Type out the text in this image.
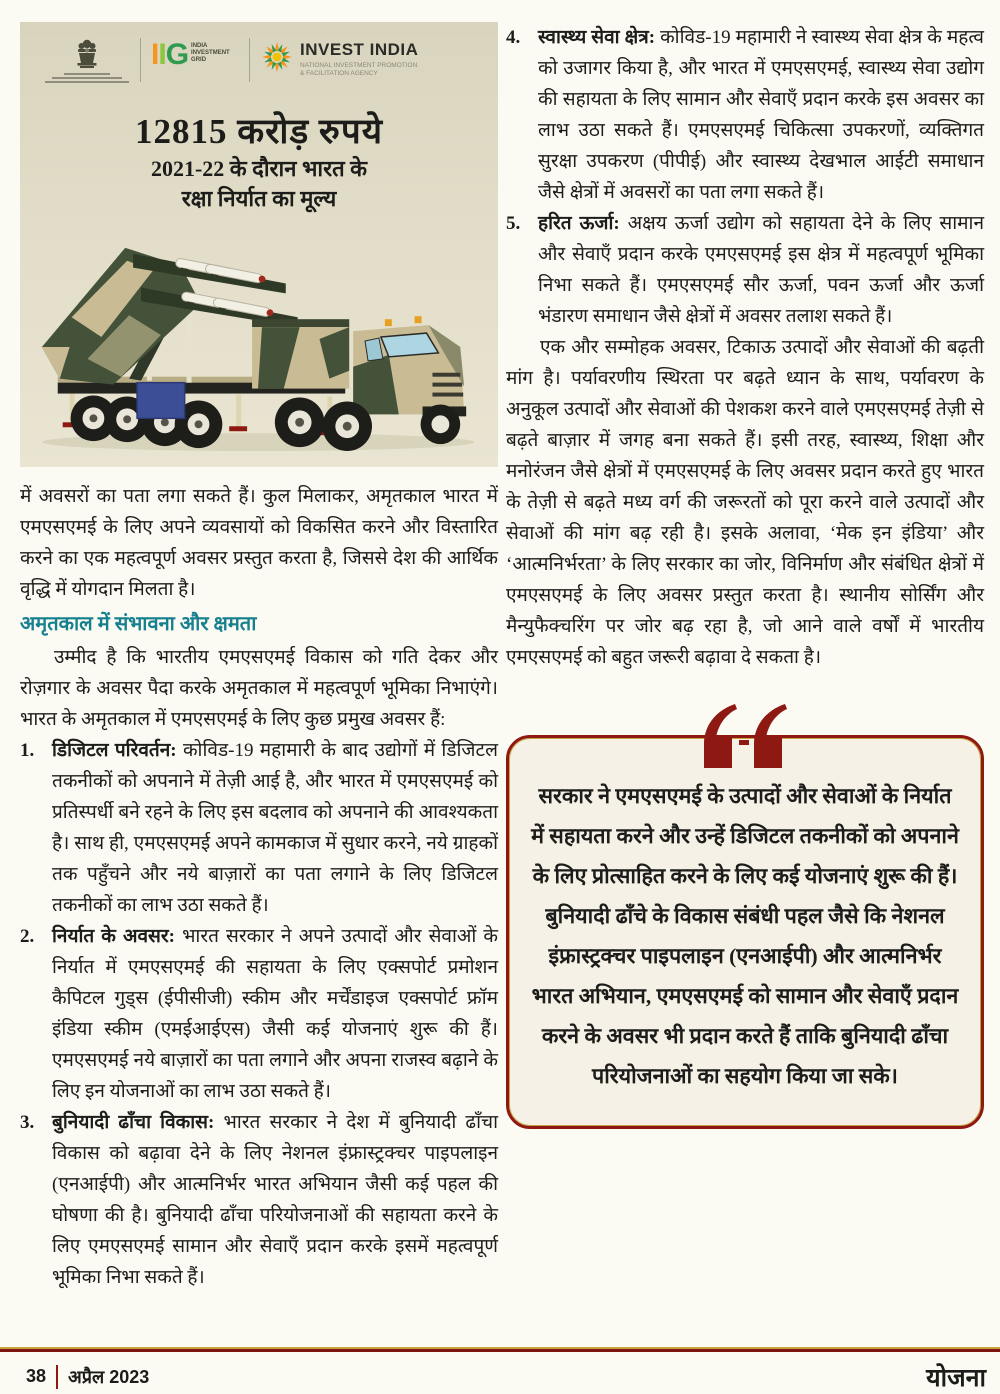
IIG INDIA INVESTMENT GRID
INVEST INDIA
NATIONAL INVESTMENT PROMOTION & FACILITATION AGENCY
12815 करोड़ रुपये
2021-22 के दौरान भारत के
रक्षा निर्यात का मूल्य

में अवसरों का पता लगा सकते हैं। कुल मिलाकर, अमृतकाल भारत में एमएसएमई के लिए अपने व्यवसायों को विकसित करने और विस्तारित करने का एक महत्वपूर्ण अवसर प्रस्तुत करता है, जिससे देश की आर्थिक वृद्धि में योगदान मिलता है।

अमृतकाल में संभावना और क्षमता

उम्मीद है कि भारतीय एमएसएमई विकास को गति देकर और रोज़गार के अवसर पैदा करके अमृतकाल में महत्वपूर्ण भूमिका निभाएंगे। भारत के अमृतकाल में एमएसएमई के लिए कुछ प्रमुख अवसर हैं:

1. डिजिटल परिवर्तन: कोविड-19 महामारी के बाद उद्योगों में डिजिटल तकनीकों को अपनाने में तेज़ी आई है, और भारत में एमएसएमई को प्रतिस्पर्धी बने रहने के लिए इस बदलाव को अपनाने की आवश्यकता है। साथ ही, एमएसएमई अपने कामकाज में सुधार करने, नये ग्राहकों तक पहुँचने और नये बाज़ारों का पता लगाने के लिए डिजिटल तकनीकों का लाभ उठा सकते हैं।
2. निर्यात के अवसर: भारत सरकार ने अपने उत्पादों और सेवाओं के निर्यात में एमएसएमई की सहायता के लिए एक्सपोर्ट प्रमोशन कैपिटल गुड्स (ईपीसीजी) स्कीम और मर्चेंडाइज एक्सपोर्ट फ्रॉम इंडिया स्कीम (एमईआईएस) जैसी कई योजनाएं शुरू की हैं। एमएसएमई नये बाज़ारों का पता लगाने और अपना राजस्व बढ़ाने के लिए इन योजनाओं का लाभ उठा सकते हैं।
3. बुनियादी ढाँचा विकास: भारत सरकार ने देश में बुनियादी ढाँचा विकास को बढ़ावा देने के लिए नेशनल इंफ्रास्ट्रक्चर पाइपलाइन (एनआईपी) और आत्मनिर्भर भारत अभियान जैसी कई पहल की घोषणा की है। बुनियादी ढाँचा परियोजनाओं की सहायता करने के लिए एमएसएमई सामान और सेवाएँ प्रदान करके इसमें महत्वपूर्ण भूमिका निभा सकते हैं।
4. स्वास्थ्य सेवा क्षेत्र: कोविड-19 महामारी ने स्वास्थ्य सेवा क्षेत्र के महत्व को उजागर किया है, और भारत में एमएसएमई, स्वास्थ्य सेवा उद्योग की सहायता के लिए सामान और सेवाएँ प्रदान करके इस अवसर का लाभ उठा सकते हैं। एमएसएमई चिकित्सा उपकरणों, व्यक्तिगत सुरक्षा उपकरण (पीपीई) और स्वास्थ्य देखभाल आईटी समाधान जैसे क्षेत्रों में अवसरों का पता लगा सकते हैं।
5. हरित ऊर्जा: अक्षय ऊर्जा उद्योग को सहायता देने के लिए सामान और सेवाएँ प्रदान करके एमएसएमई इस क्षेत्र में महत्वपूर्ण भूमिका निभा सकते हैं। एमएसएमई सौर ऊर्जा, पवन ऊर्जा और ऊर्जा भंडारण समाधान जैसे क्षेत्रों में अवसर तलाश सकते हैं।

एक और सम्मोहक अवसर, टिकाऊ उत्पादों और सेवाओं की बढ़ती मांग है। पर्यावरणीय स्थिरता पर बढ़ते ध्यान के साथ, पर्यावरण के अनुकूल उत्पादों और सेवाओं की पेशकश करने वाले एमएसएमई तेज़ी से बढ़ते बाज़ार में जगह बना सकते हैं। इसी तरह, स्वास्थ्य, शिक्षा और मनोरंजन जैसे क्षेत्रों में एमएसएमई के लिए अवसर प्रदान करते हुए भारत के तेज़ी से बढ़ते मध्य वर्ग की जरूरतों को पूरा करने वाले उत्पादों और सेवाओं की मांग बढ़ रही है। इसके अलावा, ‘मेक इन इंडिया’ और ‘आत्मनिर्भरता’ के लिए सरकार का जोर, विनिर्माण और संबंधित क्षेत्रों में एमएसएमई के लिए अवसर प्रस्तुत करता है। स्थानीय सोर्सिंग और मैन्युफैक्चरिंग पर जोर बढ़ रहा है, जो आने वाले वर्षों में भारतीय एमएसएमई को बहुत जरूरी बढ़ावा दे सकता है।

सरकार ने एमएसएमई के उत्पादों और सेवाओं के निर्यात में सहायता करने और उन्हें डिजिटल तकनीकों को अपनाने के लिए प्रोत्साहित करने के लिए कई योजनाएं शुरू की हैं। बुनियादी ढाँचे के विकास संबंधी पहल जैसे कि नेशनल इंफ्रास्ट्रक्चर पाइपलाइन (एनआईपी) और आत्मनिर्भर भारत अभियान, एमएसएमई को सामान और सेवाएँ प्रदान करने के अवसर भी प्रदान करते हैं ताकि बुनियादी ढाँचा परियोजनाओं का सहयोग किया जा सके।
38 अप्रैल 2023	योजना
